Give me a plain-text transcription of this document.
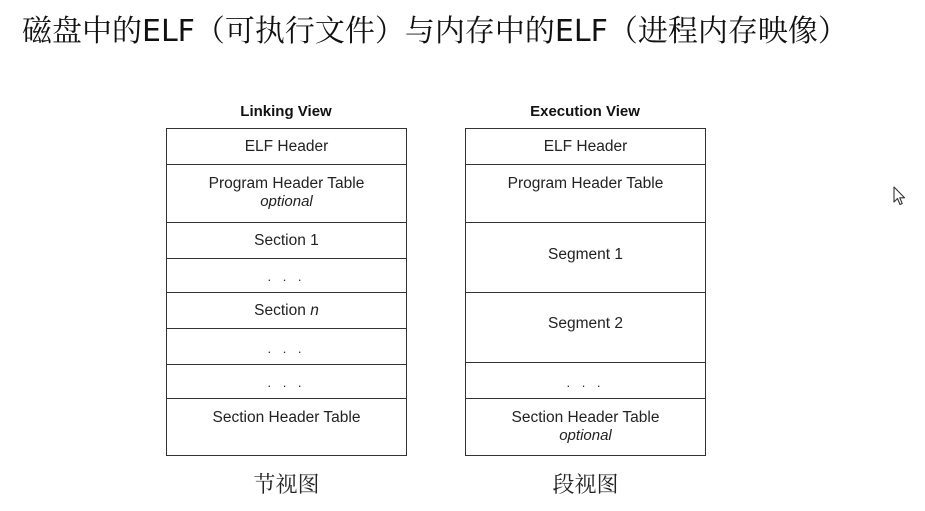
磁盘中的ELF（可执行文件）与内存中的ELF（进程内存映像）
Linking View
ELF Header
Program Header Table
optional
Section 1
. . .
Section n
. . .
. . .
Section Header Table
节视图
Execution View
ELF Header
Program Header Table
Segment 1
Segment 2
. . .
Section Header Table
optional
段视图
